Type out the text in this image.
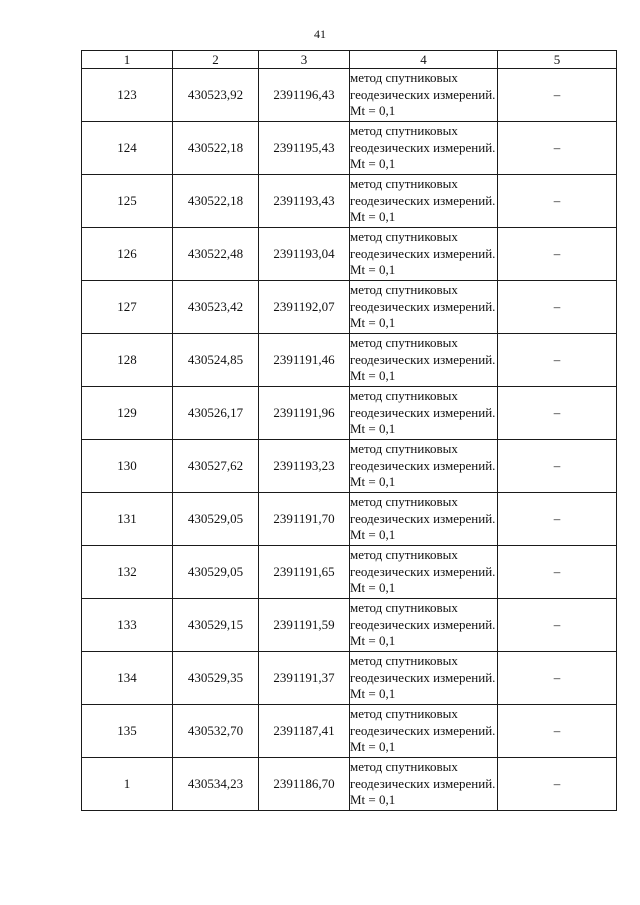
41
1	2	3	4	5
123	430523,92	2391196,43	метод спутниковых геодезических измерений. Mt = 0,1	–
124	430522,18	2391195,43	метод спутниковых геодезических измерений. Mt = 0,1	–
125	430522,18	2391193,43	метод спутниковых геодезических измерений. Mt = 0,1	–
126	430522,48	2391193,04	метод спутниковых геодезических измерений. Mt = 0,1	–
127	430523,42	2391192,07	метод спутниковых геодезических измерений. Mt = 0,1	–
128	430524,85	2391191,46	метод спутниковых геодезических измерений. Mt = 0,1	–
129	430526,17	2391191,96	метод спутниковых геодезических измерений. Mt = 0,1	–
130	430527,62	2391193,23	метод спутниковых геодезических измерений. Mt = 0,1	–
131	430529,05	2391191,70	метод спутниковых геодезических измерений. Mt = 0,1	–
132	430529,05	2391191,65	метод спутниковых геодезических измерений. Mt = 0,1	–
133	430529,15	2391191,59	метод спутниковых геодезических измерений. Mt = 0,1	–
134	430529,35	2391191,37	метод спутниковых геодезических измерений. Mt = 0,1	–
135	430532,70	2391187,41	метод спутниковых геодезических измерений. Mt = 0,1	–
1	430534,23	2391186,70	метод спутниковых геодезических измерений. Mt = 0,1	–
